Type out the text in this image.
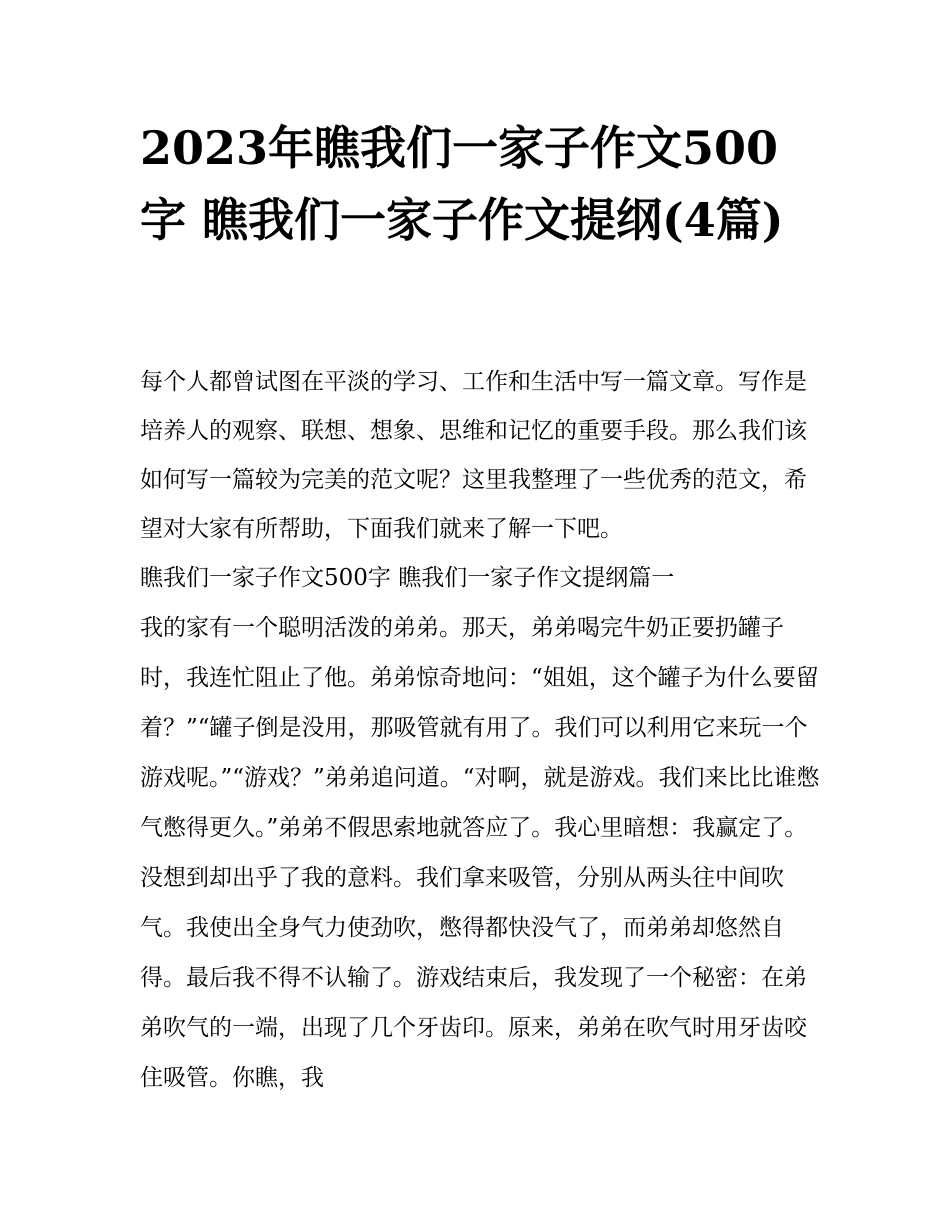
2023年瞧我们一家子作文500字 瞧我们一家子作文提纲(4篇)

每个人都曾试图在平淡的学习、工作和生活中写一篇文章。写作是培养人的观察、联想、想象、思维和记忆的重要手段。那么我们该如何写一篇较为完美的范文呢？这里我整理了一些优秀的范文，希望对大家有所帮助，下面我们就来了解一下吧。

瞧我们一家子作文500字 瞧我们一家子作文提纲篇一

我的家有一个聪明活泼的弟弟。那天，弟弟喝完牛奶正要扔罐子时，我连忙阻止了他。弟弟惊奇地问：“姐姐，这个罐子为什么要留着？”“罐子倒是没用，那吸管就有用了。我们可以利用它来玩一个游戏呢。”“游戏？”弟弟追问道。“对啊，就是游戏。我们来比比谁憋气憋得更久。”弟弟不假思索地就答应了。我心里暗想：我赢定了。没想到却出乎了我的意料。我们拿来吸管，分别从两头往中间吹气。我使出全身气力使劲吹，憋得都快没气了，而弟弟却悠然自得。最后我不得不认输了。游戏结束后，我发现了一个秘密：在弟弟吹气的一端，出现了几个牙齿印。原来，弟弟在吹气时用牙齿咬住吸管。你瞧，我
